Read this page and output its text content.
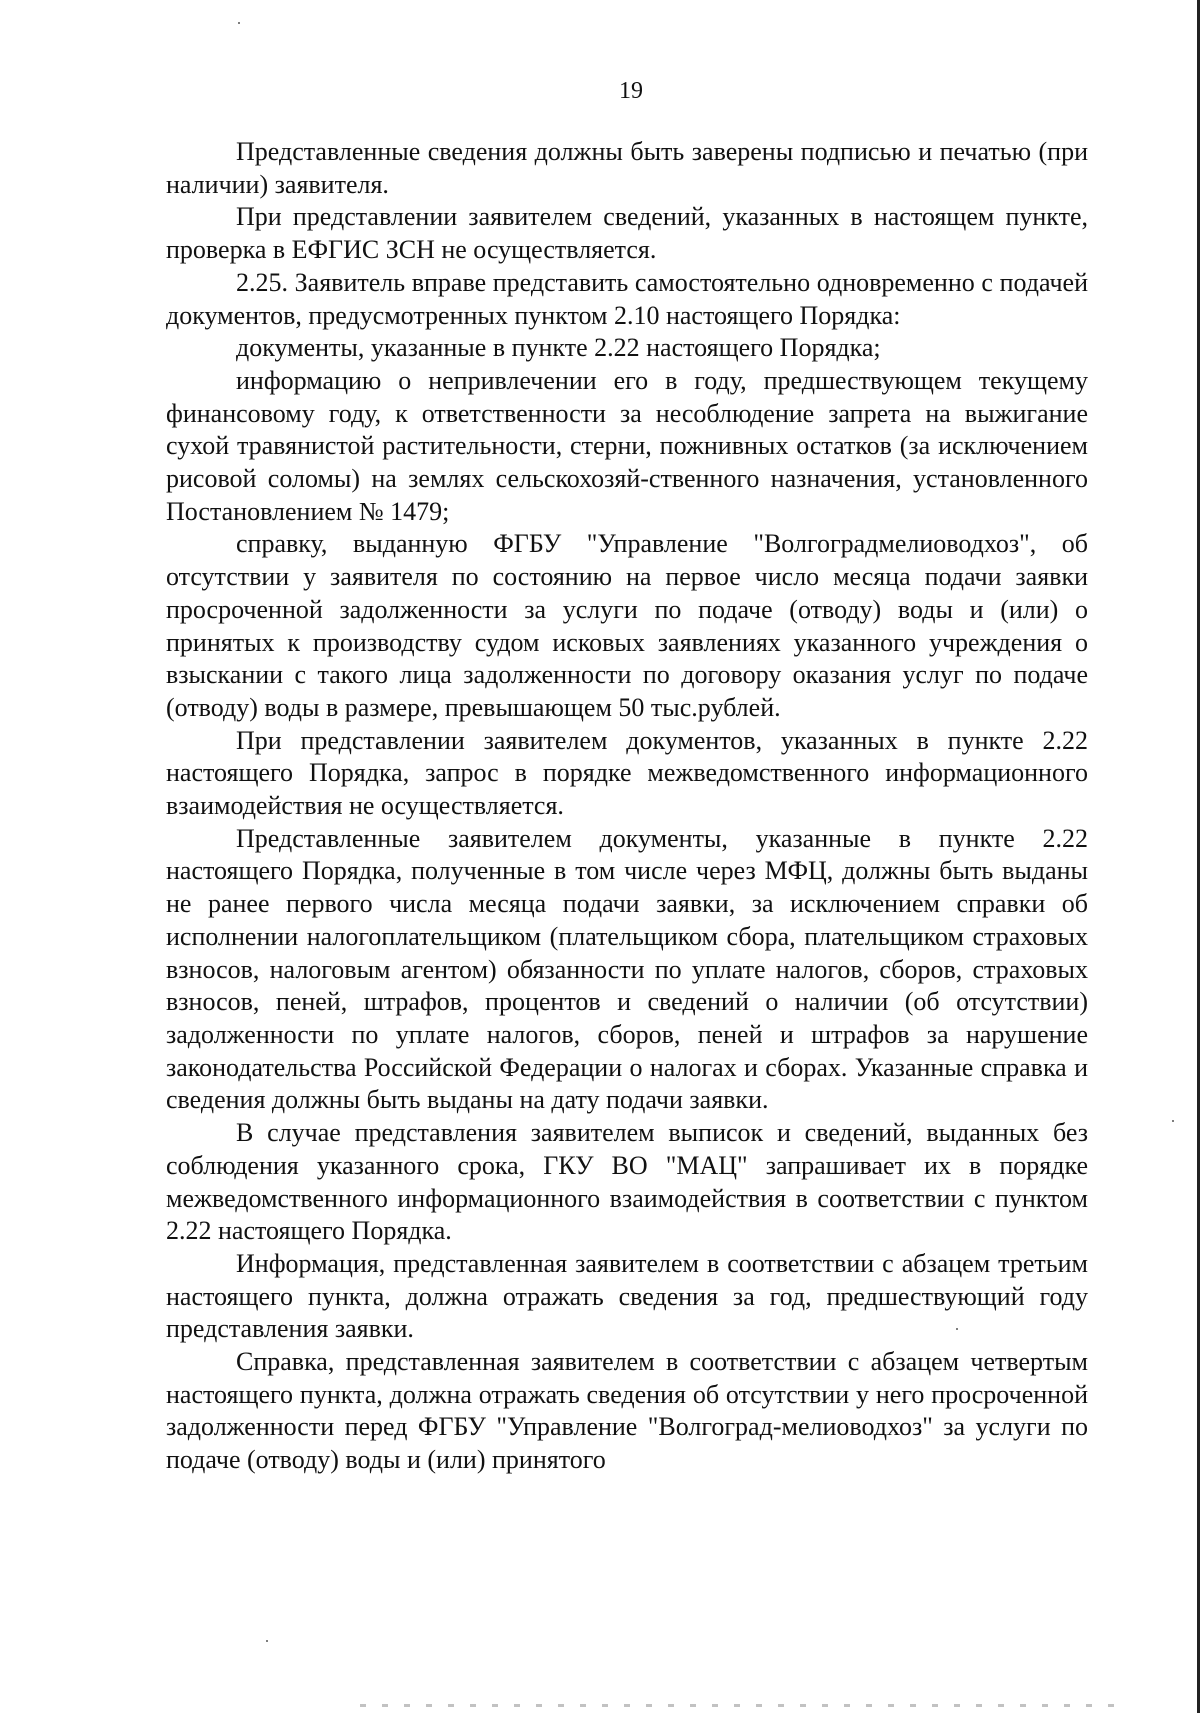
19

Представленные сведения должны быть заверены подписью и печатью (при наличии) заявителя.

При представлении заявителем сведений, указанных в настоящем пункте, проверка в ЕФГИС ЗСН не осуществляется.

2.25. Заявитель вправе представить самостоятельно одновременно с подачей документов, предусмотренных пунктом 2.10 настоящего Порядка:

документы, указанные в пункте 2.22 настоящего Порядка;

информацию о непривлечении его в году, предшествующем текущему финансовому году, к ответственности за несоблюдение запрета на выжигание сухой травянистой растительности, стерни, пожнивных остатков (за исключением рисовой соломы) на землях сельскохозяй-ственного назначения, установленного Постановлением № 1479;

справку, выданную ФГБУ "Управление "Волгоградмелиоводхоз", об отсутствии у заявителя по состоянию на первое число месяца подачи заявки просроченной задолженности за услуги по подаче (отводу) воды и (или) о принятых к производству судом исковых заявлениях указанного учреждения о взыскании с такого лица задолженности по договору оказания услуг по подаче (отводу) воды в размере, превышающем 50 тыс.рублей.

При представлении заявителем документов, указанных в пункте 2.22 настоящего Порядка, запрос в порядке межведомственного информационного взаимодействия не осуществляется.

Представленные заявителем документы, указанные в пункте 2.22 настоящего Порядка, полученные в том числе через МФЦ, должны быть выданы не ранее первого числа месяца подачи заявки, за исключением справки об исполнении налогоплательщиком (плательщиком сбора, плательщиком страховых взносов, налоговым агентом) обязанности по уплате налогов, сборов, страховых взносов, пеней, штрафов, процентов и сведений о наличии (об отсутствии) задолженности по уплате налогов, сборов, пеней и штрафов за нарушение законодательства Российской Федерации о налогах и сборах. Указанные справка и сведения должны быть выданы на дату подачи заявки.

В случае представления заявителем выписок и сведений, выданных без соблюдения указанного срока, ГКУ ВО "МАЦ" запрашивает их в порядке межведомственного информационного взаимодействия в соответствии с пунктом 2.22 настоящего Порядка.

Информация, представленная заявителем в соответствии с абзацем третьим настоящего пункта, должна отражать сведения за год, предшествующий году представления заявки.

Справка, представленная заявителем в соответствии с абзацем четвертым настоящего пункта, должна отражать сведения об отсутствии у него просроченной задолженности перед ФГБУ "Управление "Волгоград-мелиоводхоз" за услуги по подаче (отводу) воды и (или) принятого
